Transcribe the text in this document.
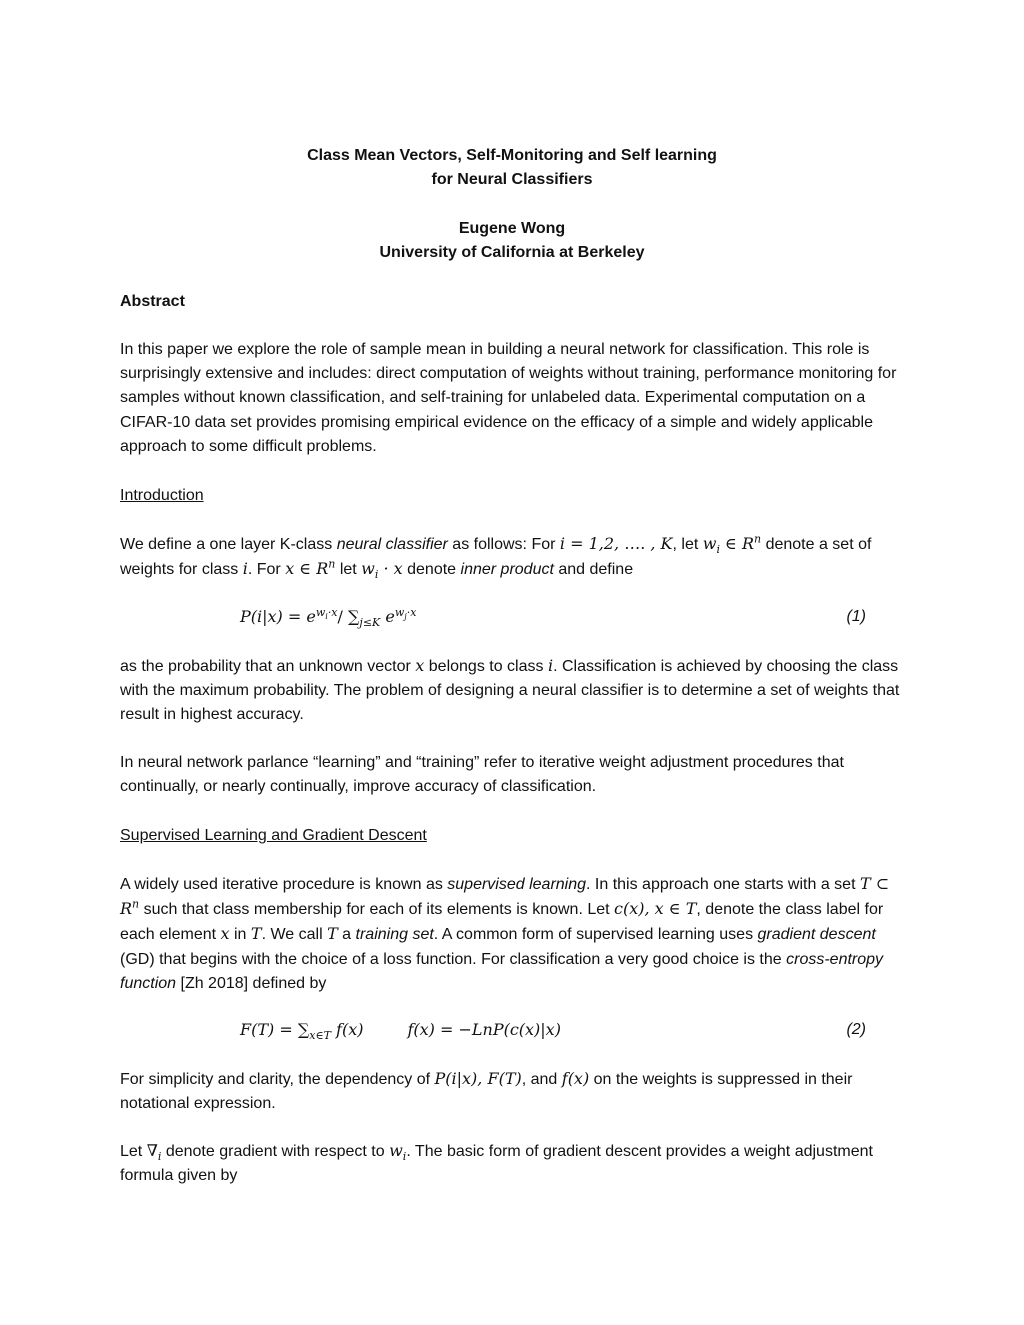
Class Mean Vectors, Self-Monitoring and Self learning
for Neural Classifiers
Eugene Wong
University of California at Berkeley
Abstract

In this paper we explore the role of sample mean in building a neural network for classification. This role is surprisingly extensive and includes: direct computation of weights without training, performance monitoring for samples without known classification, and self-training for unlabeled data. Experimental computation on a CIFAR-10 data set provides promising empirical evidence on the efficacy of a simple and widely applicable approach to some difficult problems.

Introduction

We define a one layer K-class neural classifier as follows: For i = 1,2, …. , K, let $w_i$ ∈ $R^n$ denote a set of weights for class i. For x ∈ $R^n$ let $w_i \cdot x$ denote inner product and define

$P(i|x) = e^{w_i\cdot x}/$ $\sum_{j\le K}$ $e^{w_j\cdot x}$	(1)

as the probability that an unknown vector x belongs to class i. Classification is achieved by choosing the class with the maximum probability. The problem of designing a neural classifier is to determine a set of weights that result in highest accuracy.

In neural network parlance “learning” and “training” refer to iterative weight adjustment procedures that continually, or nearly continually, improve accuracy of classification.

Supervised Learning and Gradient Descent

A widely used iterative procedure is known as supervised learning. In this approach one starts with a set T ⊂ $R^n$ such that class membership for each of its elements is known. Let c(x), x ∈ T, denote the class label for each element x in T. We call T a training set. A common form of supervised learning uses gradient descent (GD) that begins with the choice of a loss function. For classification a very good choice is the cross-entropy function [Zh 2018] defined by

$F(T) = \sum_{x\in T}$ f(x)	f(x) = −LnP(c(x)|x)	(2)

For simplicity and clarity, the dependency of P(i|x), F(T), and f(x) on the weights is suppressed in their notational expression.

Let $\nabla_i$ denote gradient with respect to $w_i$. The basic form of gradient descent provides a weight adjustment formula given by
